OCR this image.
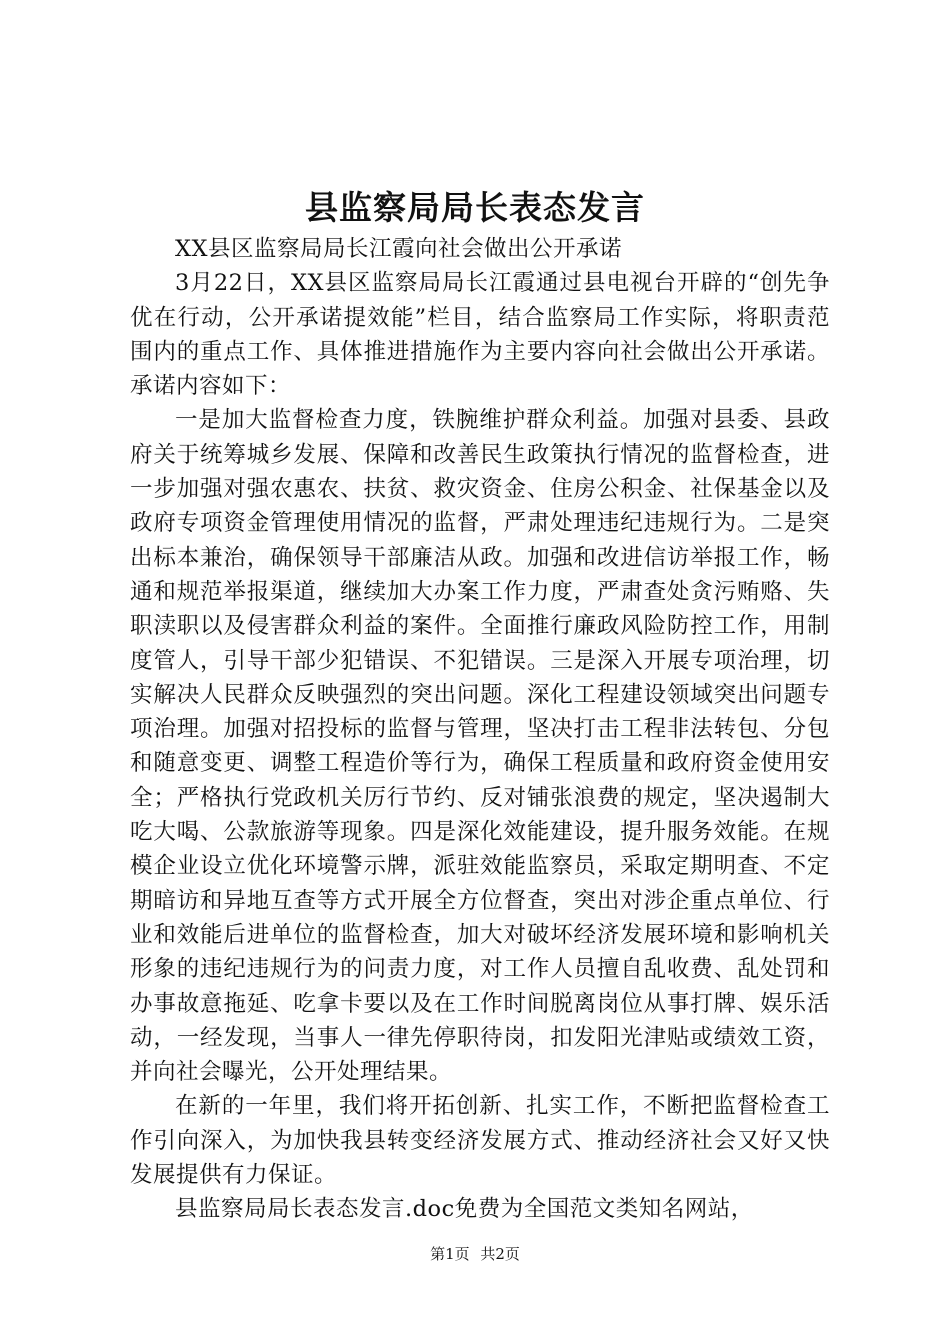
县监察局局长表态发言

XX县区监察局局长江霞向社会做出公开承诺

3月22日，XX县区监察局局长江霞通过县电视台开辟的“创先争优在行动，公开承诺提效能”栏目，结合监察局工作实际，将职责范围内的重点工作、具体推进措施作为主要内容向社会做出公开承诺。承诺内容如下：

一是加大监督检查力度，铁腕维护群众利益。加强对县委、县政府关于统筹城乡发展、保障和改善民生政策执行情况的监督检查，进一步加强对强农惠农、扶贫、救灾资金、住房公积金、社保基金以及政府专项资金管理使用情况的监督，严肃处理违纪违规行为。二是突出标本兼治，确保领导干部廉洁从政。加强和改进信访举报工作，畅通和规范举报渠道，继续加大办案工作力度，严肃查处贪污贿赂、失职渎职以及侵害群众利益的案件。全面推行廉政风险防控工作，用制度管人，引导干部少犯错误、不犯错误。三是深入开展专项治理，切实解决人民群众反映强烈的突出问题。深化工程建设领域突出问题专项治理。加强对招投标的监督与管理，坚决打击工程非法转包、分包和随意变更、调整工程造价等行为，确保工程质量和政府资金使用安全；严格执行党政机关厉行节约、反对铺张浪费的规定，坚决遏制大吃大喝、公款旅游等现象。四是深化效能建设，提升服务效能。在规模企业设立优化环境警示牌，派驻效能监察员，采取定期明查、不定期暗访和异地互查等方式开展全方位督查，突出对涉企重点单位、行业和效能后进单位的监督检查，加大对破坏经济发展环境和影响机关形象的违纪违规行为的问责力度，对工作人员擅自乱收费、乱处罚和办事故意拖延、吃拿卡要以及在工作时间脱离岗位从事打牌、娱乐活动，一经发现，当事人一律先停职待岗，扣发阳光津贴或绩效工资，并向社会曝光，公开处理结果。

在新的一年里，我们将开拓创新、扎实工作，不断把监督检查工作引向深入，为加快我县转变经济发展方式、推动经济社会又好又快发展提供有力保证。

县监察局局长表态发言.doc免费为全国范文类知名网站，

第1页 共2页
